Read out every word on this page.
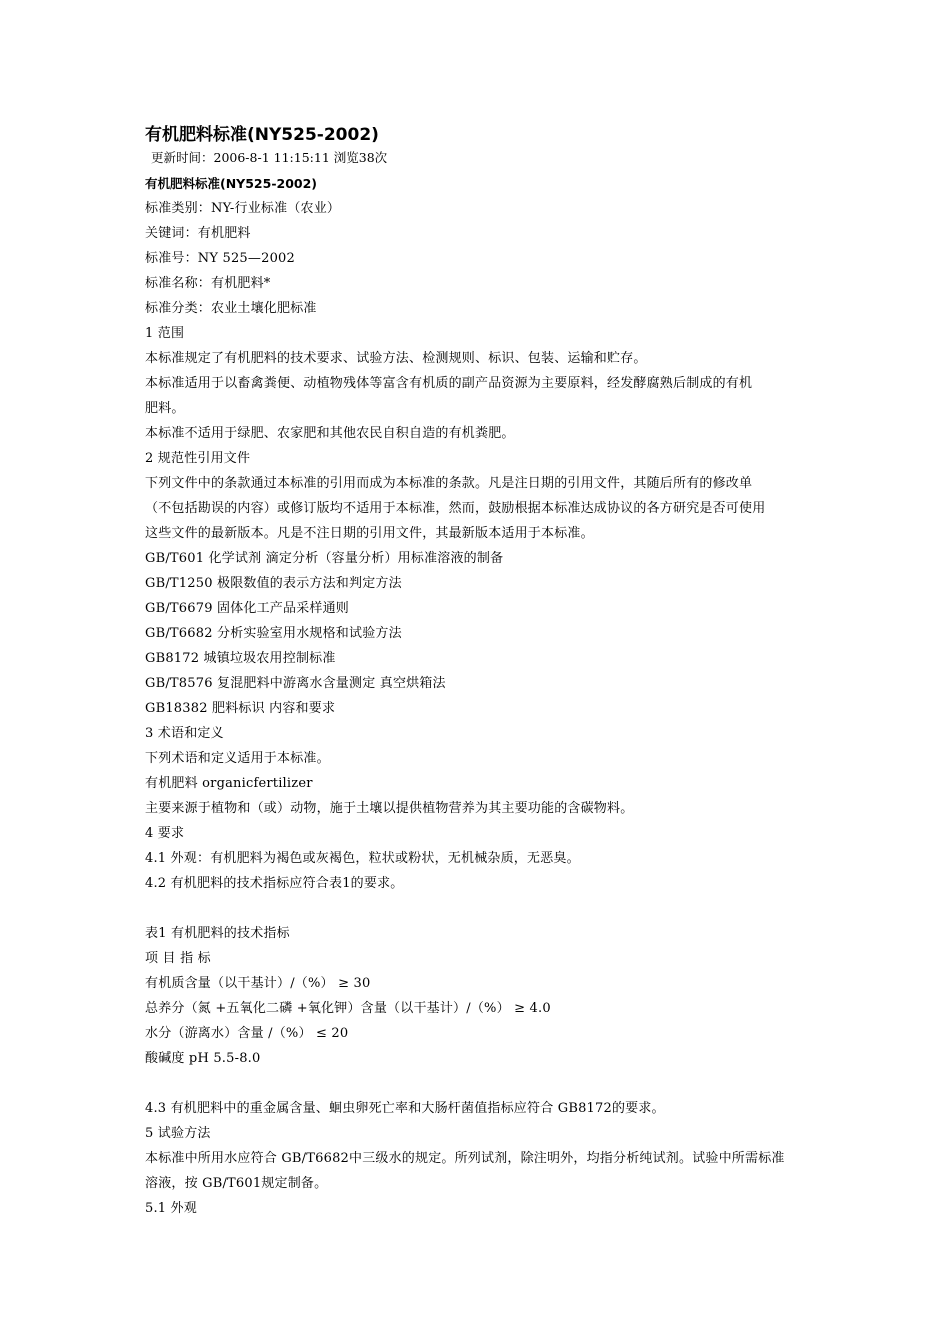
有机肥料标准(NY525-2002)
更新时间：2006-8-1 11:15:11 浏览38次
有机肥料标准(NY525-2002)
标准类别：NY-行业标准（农业）
关键词：有机肥料
标准号：NY 525—2002
标准名称：有机肥料*
标准分类：农业土壤化肥标准
1 范围
本标准规定了有机肥料的技术要求、试验方法、检测规则、标识、包装、运输和贮存。
本标准适用于以畜禽粪便、动植物残体等富含有机质的副产品资源为主要原料，经发酵腐熟后制成的有机
肥料。
本标准不适用于绿肥、农家肥和其他农民自积自造的有机粪肥。
2 规范性引用文件
下列文件中的条款通过本标准的引用而成为本标准的条款。凡是注日期的引用文件，其随后所有的修改单
（不包括勘误的内容）或修订版均不适用于本标准，然而，鼓励根据本标准达成协议的各方研究是否可使用
这些文件的最新版本。凡是不注日期的引用文件，其最新版本适用于本标准。
GB/T601 化学试剂 滴定分析（容量分析）用标准溶液的制备
GB/T1250 极限数值的表示方法和判定方法
GB/T6679 固体化工产品采样通则
GB/T6682 分析实验室用水规格和试验方法
GB8172 城镇垃圾农用控制标准
GB/T8576 复混肥料中游离水含量测定 真空烘箱法
GB18382 肥料标识 内容和要求
3 术语和定义
下列术语和定义适用于本标准。
有机肥料 organicfertilizer
主要来源于植物和（或）动物，施于土壤以提供植物营养为其主要功能的含碳物料。
4 要求
4.1 外观：有机肥料为褐色或灰褐色，粒状或粉状，无机械杂质，无恶臭。
4.2 有机肥料的技术指标应符合表1的要求。
表1 有机肥料的技术指标
项 目 指 标
有机质含量（以干基计）/（%） ≥ 30
总养分（氮 +五氧化二磷 +氧化钾）含量（以干基计）/（%） ≥ 4.0
水分（游离水）含量 /（%） ≤ 20
酸碱度 pH 5.5-8.0
4.3 有机肥料中的重金属含量、蛔虫卵死亡率和大肠杆菌值指标应符合 GB8172的要求。
5 试验方法
本标准中所用水应符合 GB/T6682中三级水的规定。所列试剂，除注明外，均指分析纯试剂。试验中所需标准
溶液，按 GB/T601规定制备。
5.1 外观
